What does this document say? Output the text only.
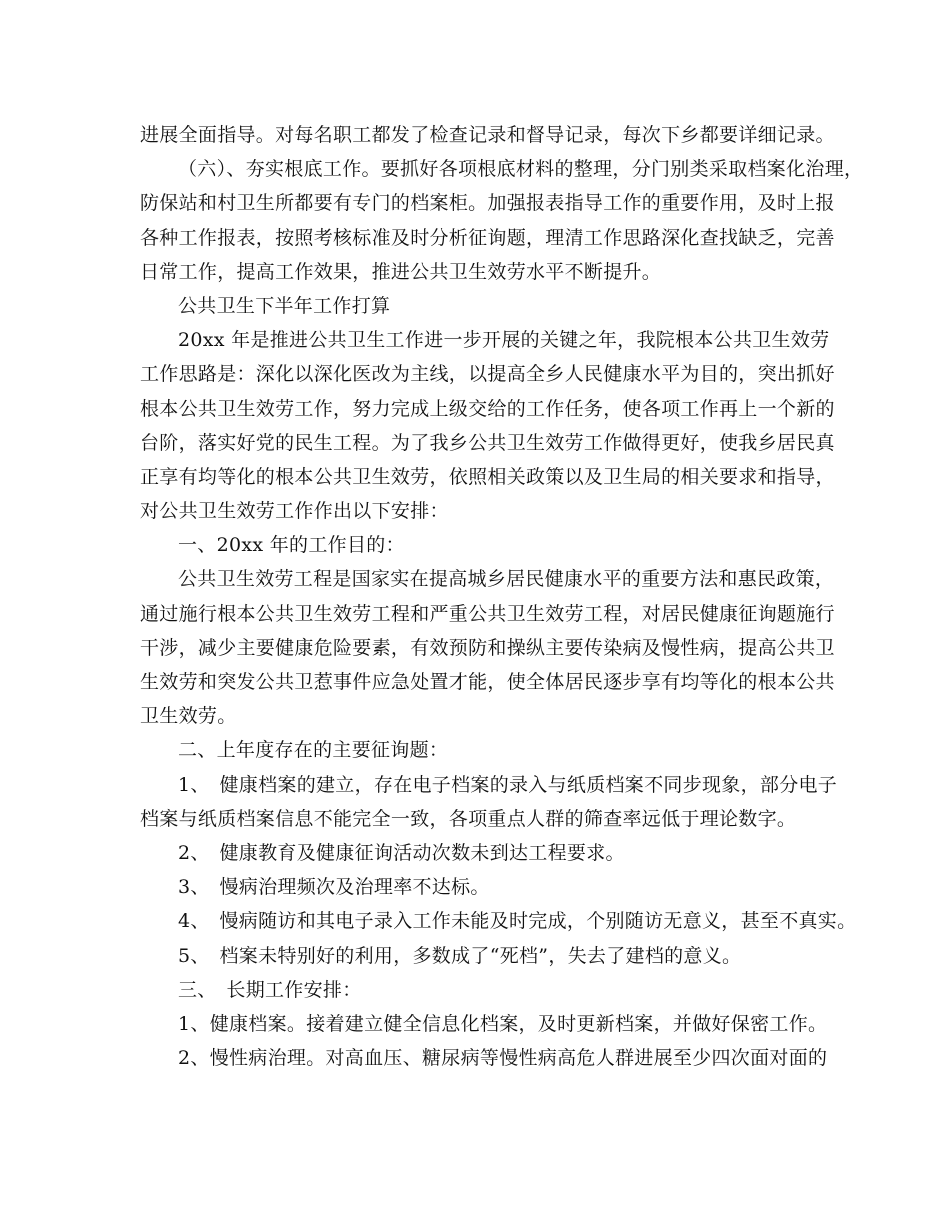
进展全面指导。对每名职工都发了检查记录和督导记录，每次下乡都要详细记录。
（六）、夯实根底工作。要抓好各项根底材料的整理，分门别类采取档案化治理，
防保站和村卫生所都要有专门的档案柜。加强报表指导工作的重要作用，及时上报
各种工作报表，按照考核标准及时分析征询题，理清工作思路深化查找缺乏，完善
日常工作，提高工作效果，推进公共卫生效劳水平不断提升。
公共卫生下半年工作打算
20xx 年是推进公共卫生工作进一步开展的关键之年，我院根本公共卫生效劳
工作思路是：深化以深化医改为主线，以提高全乡人民健康水平为目的，突出抓好
根本公共卫生效劳工作，努力完成上级交给的工作任务，使各项工作再上一个新的
台阶，落实好党的民生工程。为了我乡公共卫生效劳工作做得更好，使我乡居民真
正享有均等化的根本公共卫生效劳，依照相关政策以及卫生局的相关要求和指导，
对公共卫生效劳工作作出以下安排：
一、20xx 年的工作目的：
公共卫生效劳工程是国家实在提高城乡居民健康水平的重要方法和惠民政策，
通过施行根本公共卫生效劳工程和严重公共卫生效劳工程，对居民健康征询题施行
干涉，减少主要健康危险要素，有效预防和操纵主要传染病及慢性病，提高公共卫
生效劳和突发公共卫惹事件应急处置才能，使全体居民逐步享有均等化的根本公共
卫生效劳。
二、上年度存在的主要征询题：
1、　健康档案的建立，存在电子档案的录入与纸质档案不同步现象，部分电子
档案与纸质档案信息不能完全一致，各项重点人群的筛查率远低于理论数字。
2、　健康教育及健康征询活动次数未到达工程要求。
3、　慢病治理频次及治理率不达标。
4、　慢病随访和其电子录入工作未能及时完成，个别随访无意义，甚至不真实。
5、　档案未特别好的利用，多数成了“死档”，失去了建档的意义。
三、　长期工作安排：
1、健康档案。接着建立健全信息化档案，及时更新档案，并做好保密工作。
2、慢性病治理。对高血压、糖尿病等慢性病高危人群进展至少四次面对面的
